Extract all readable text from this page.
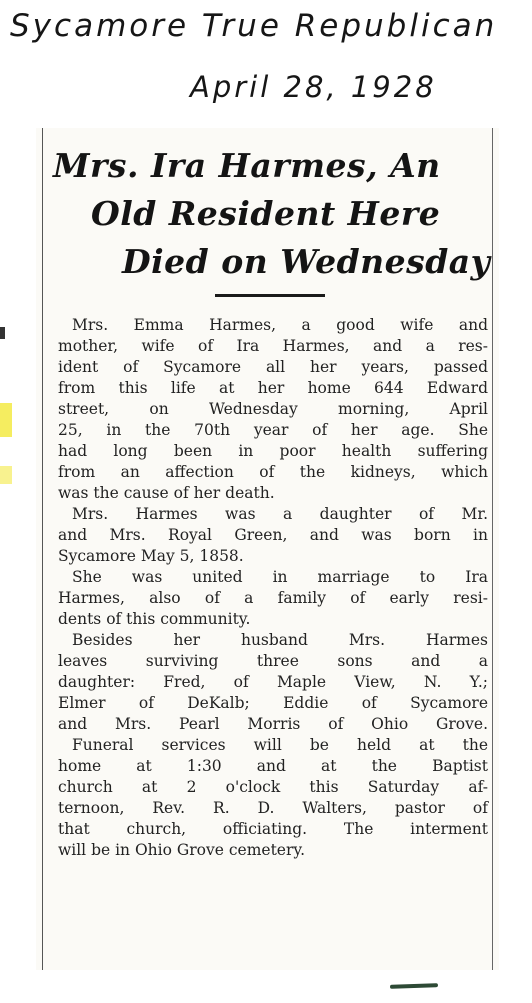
Sycamore True Republican
April 28, 1928
Mrs. Ira Harmes, An
Old Resident Here
Died on Wednesday
Mrs. Emma Harmes, a good wife and
mother, wife of Ira Harmes, and a res-
ident of Sycamore all her years, passed
from this life at her home 644 Edward
street, on Wednesday morning, April
25, in the 70th year of her age. She
had long been in poor health suffering
from an affection of the kidneys, which
was the cause of her death.
Mrs. Harmes was a daughter of Mr.
and Mrs. Royal Green, and was born in
Sycamore May 5, 1858.
She was united in marriage to Ira
Harmes, also of a family of early resi-
dents of this community.
Besides her husband Mrs. Harmes
leaves surviving three sons and a
daughter: Fred, of Maple View, N. Y.;
Elmer of DeKalb; Eddie of Sycamore
and Mrs. Pearl Morris of Ohio Grove.
Funeral services will be held at the
home at 1:30 and at the Baptist
church at 2 o'clock this Saturday af-
ternoon, Rev. R. D. Walters, pastor of
that church, officiating. The interment
will be in Ohio Grove cemetery.
